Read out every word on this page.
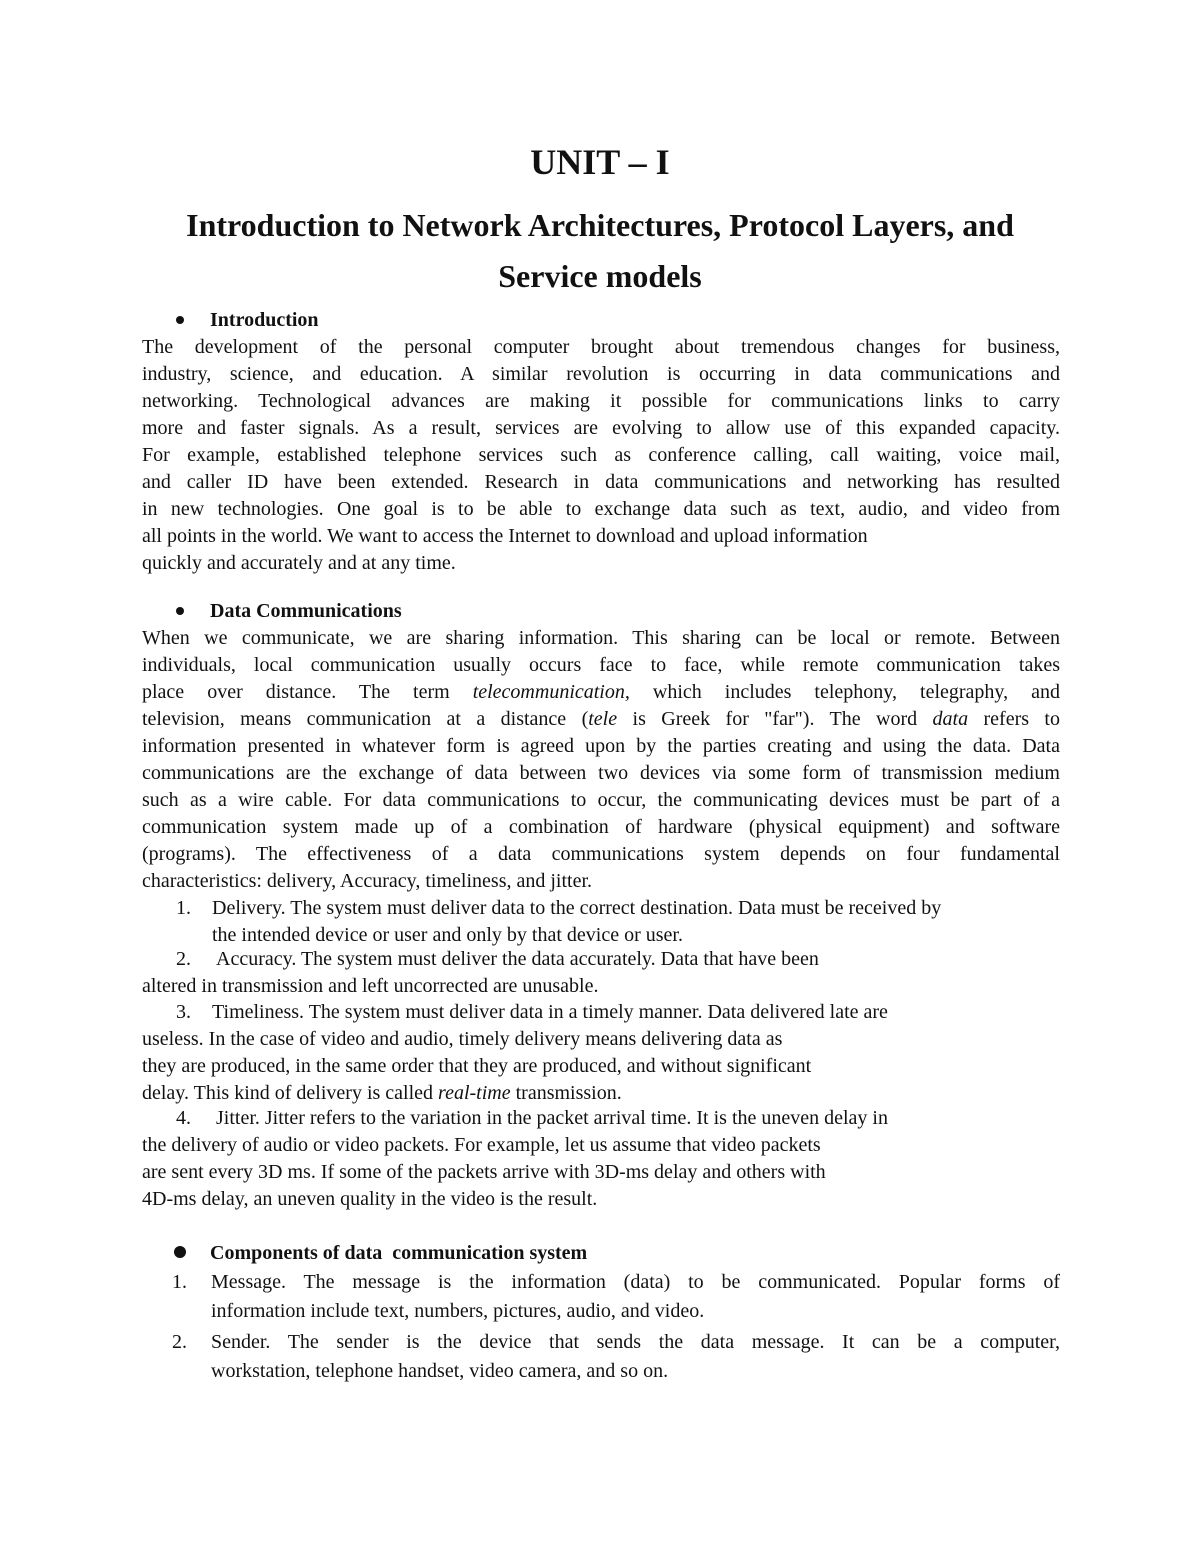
UNIT – I
Introduction to Network Architectures, Protocol Layers, and
Service models
Introduction
The development of the personal computer brought about tremendous changes for business,
industry, science, and education. A similar revolution is occurring in data communications and
networking. Technological advances are making it possible for communications links to carry
more and faster signals. As a result, services are evolving to allow use of this expanded capacity.
For example, established telephone services such as conference calling, call waiting, voice mail,
and caller ID have been extended. Research in data communications and networking has resulted
in new technologies. One goal is to be able to exchange data such as text, audio, and video from
all points in the world. We want to access the Internet to download and upload information
quickly and accurately and at any time.
Data Communications
When we communicate, we are sharing information. This sharing can be local or remote. Between
individuals, local communication usually occurs face to face, while remote communication takes
place over distance. The term telecommunication, which includes telephony, telegraphy, and
television, means communication at a distance (tele is Greek for "far"). The word data refers to
information presented in whatever form is agreed upon by the parties creating and using the data. Data
communications are the exchange of data between two devices via some form of transmission medium
such as a wire cable. For data communications to occur, the communicating devices must be part of a
communication system made up of a combination of hardware (physical equipment) and software
(programs). The effectiveness of a data communications system depends on four fundamental
characteristics: delivery, Accuracy, timeliness, and jitter.
1. Delivery. The system must deliver data to the correct destination. Data must be received by
the intended device or user and only by that device or user.
2. Accuracy. The system must deliver the data accurately. Data that have been
altered in transmission and left uncorrected are unusable.
3. Timeliness. The system must deliver data in a timely manner. Data delivered late are
useless. In the case of video and audio, timely delivery means delivering data as
they are produced, in the same order that they are produced, and without significant
delay. This kind of delivery is called real-time transmission.
4. Jitter. Jitter refers to the variation in the packet arrival time. It is the uneven delay in
the delivery of audio or video packets. For example, let us assume that video packets
are sent every 3D ms. If some of the packets arrive with 3D-ms delay and others with
4D-ms delay, an uneven quality in the video is the result.
Components of data  communication system
1. Message. The message is the information (data) to be communicated. Popular forms of
information include text, numbers, pictures, audio, and video.
2. Sender. The sender is the device that sends the data message. It can be a computer,
workstation, telephone handset, video camera, and so on.
